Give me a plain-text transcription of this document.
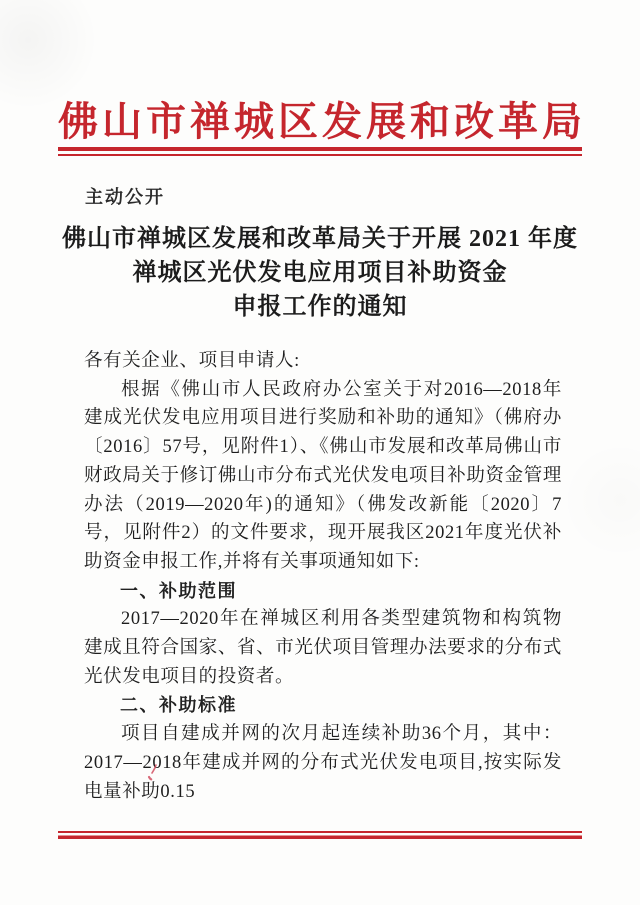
佛山市禅城区发展和改革局
主动公开
佛山市禅城区发展和改革局关于开展 2021 年度
禅城区光伏发电应用项目补助资金
申报工作的通知

各有关企业、项目申请人:

根据《佛山市人民政府办公室关于对2016—2018年建成光伏发电应用项目进行奖励和补助的通知》（佛府办〔2016〕57号，见附件1）、《佛山市发展和改革局佛山市财政局关于修订佛山市分布式光伏发电项目补助资金管理办法（2019—2020年)的通知》（佛发改新能〔2020〕7号，见附件2）的文件要求，现开展我区2021年度光伏补助资金申报工作,并将有关事项通知如下:

一、补助范围

2017—2020年在禅城区利用各类型建筑物和构筑物建成且符合国家、省、市光伏项目管理办法要求的分布式光伏发电项目的投资者。

二、补助标准

项目自建成并网的次月起连续补助36个月，其中：2017—2018年建成并网的分布式光伏发电项目,按实际发电量补助0.15
